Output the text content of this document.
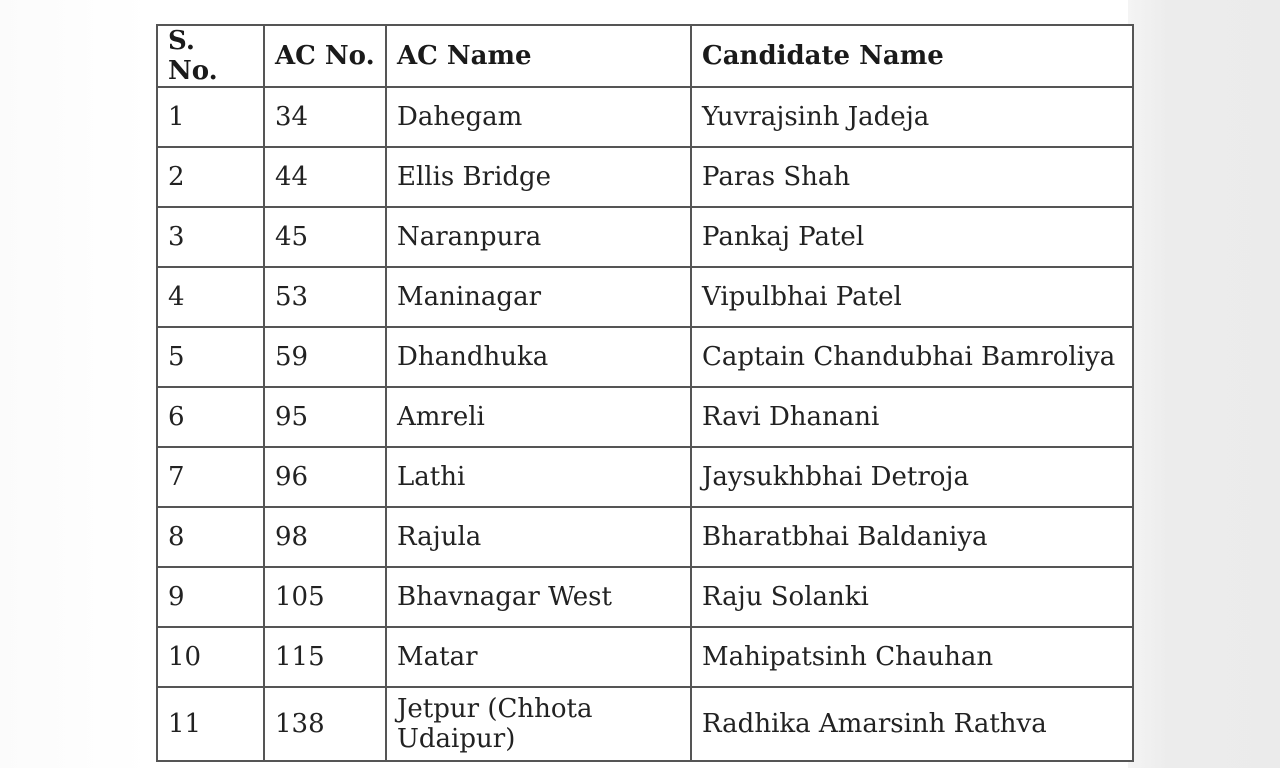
S. No.	AC No.	AC Name	Candidate Name
1	34	Dahegam	Yuvrajsinh Jadeja
2	44	Ellis Bridge	Paras Shah
3	45	Naranpura	Pankaj Patel
4	53	Maninagar	Vipulbhai Patel
5	59	Dhandhuka	Captain Chandubhai Bamroliya
6	95	Amreli	Ravi Dhanani
7	96	Lathi	Jaysukhbhai Detroja
8	98	Rajula	Bharatbhai Baldaniya
9	105	Bhavnagar West	Raju Solanki
10	115	Matar	Mahipatsinh Chauhan
11	138	Jetpur (Chhota Udaipur)	Radhika Amarsinh Rathva
